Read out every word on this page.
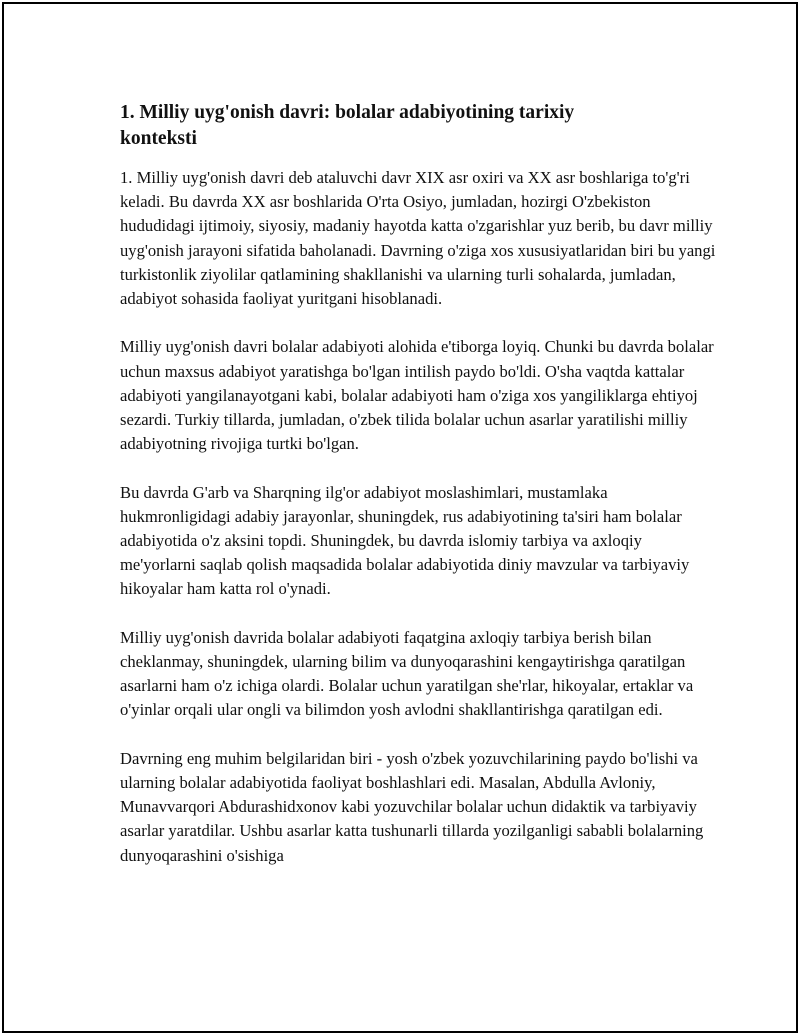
1. Milliy uyg'onish davri: bolalar adabiyotining tarixiy konteksti

1. Milliy uyg'onish davri deb ataluvchi davr XIX asr oxiri va XX asr boshlariga to'g'ri keladi. Bu davrda XX asr boshlarida O'rta Osiyo, jumladan, hozirgi O'zbekiston hududidagi ijtimoiy, siyosiy, madaniy hayotda katta o'zgarishlar yuz berib, bu davr milliy uyg'onish jarayoni sifatida baholanadi. Davrning o'ziga xos xususiyatlaridan biri bu yangi turkistonlik ziyolilar qatlamining shakllanishi va ularning turli sohalarda, jumladan, adabiyot sohasida faoliyat yuritgani hisoblanadi.

Milliy uyg'onish davri bolalar adabiyoti alohida e'tiborga loyiq. Chunki bu davrda bolalar uchun maxsus adabiyot yaratishga bo'lgan intilish paydo bo'ldi. O'sha vaqtda kattalar adabiyoti yangilanayotgani kabi, bolalar adabiyoti ham o'ziga xos yangiliklarga ehtiyoj sezardi. Turkiy tillarda, jumladan, o'zbek tilida bolalar uchun asarlar yaratilishi milliy adabiyotning rivojiga turtki bo'lgan.

Bu davrda G'arb va Sharqning ilg'or adabiyot moslashimlari, mustamlaka hukmronligidagi adabiy jarayonlar, shuningdek, rus adabiyotining ta'siri ham bolalar adabiyotida o'z aksini topdi. Shuningdek, bu davrda islomiy tarbiya va axloqiy me'yorlarni saqlab qolish maqsadida bolalar adabiyotida diniy mavzular va tarbiyaviy hikoyalar ham katta rol o'ynadi.

Milliy uyg'onish davrida bolalar adabiyoti faqatgina axloqiy tarbiya berish bilan cheklanmay, shuningdek, ularning bilim va dunyoqarashini kengaytirishga qaratilgan asarlarni ham o'z ichiga olardi. Bolalar uchun yaratilgan she'rlar, hikoyalar, ertaklar va o'yinlar orqali ular ongli va bilimdon yosh avlodni shakllantirishga qaratilgan edi.

Davrning eng muhim belgilaridan biri - yosh o'zbek yozuvchilarining paydo bo'lishi va ularning bolalar adabiyotida faoliyat boshlashlari edi. Masalan, Abdulla Avloniy, Munavvarqori Abdurashidxonov kabi yozuvchilar bolalar uchun didaktik va tarbiyaviy asarlar yaratdilar. Ushbu asarlar katta tushunarli tillarda yozilganligi sababli bolalarning dunyoqarashini o'sishiga
